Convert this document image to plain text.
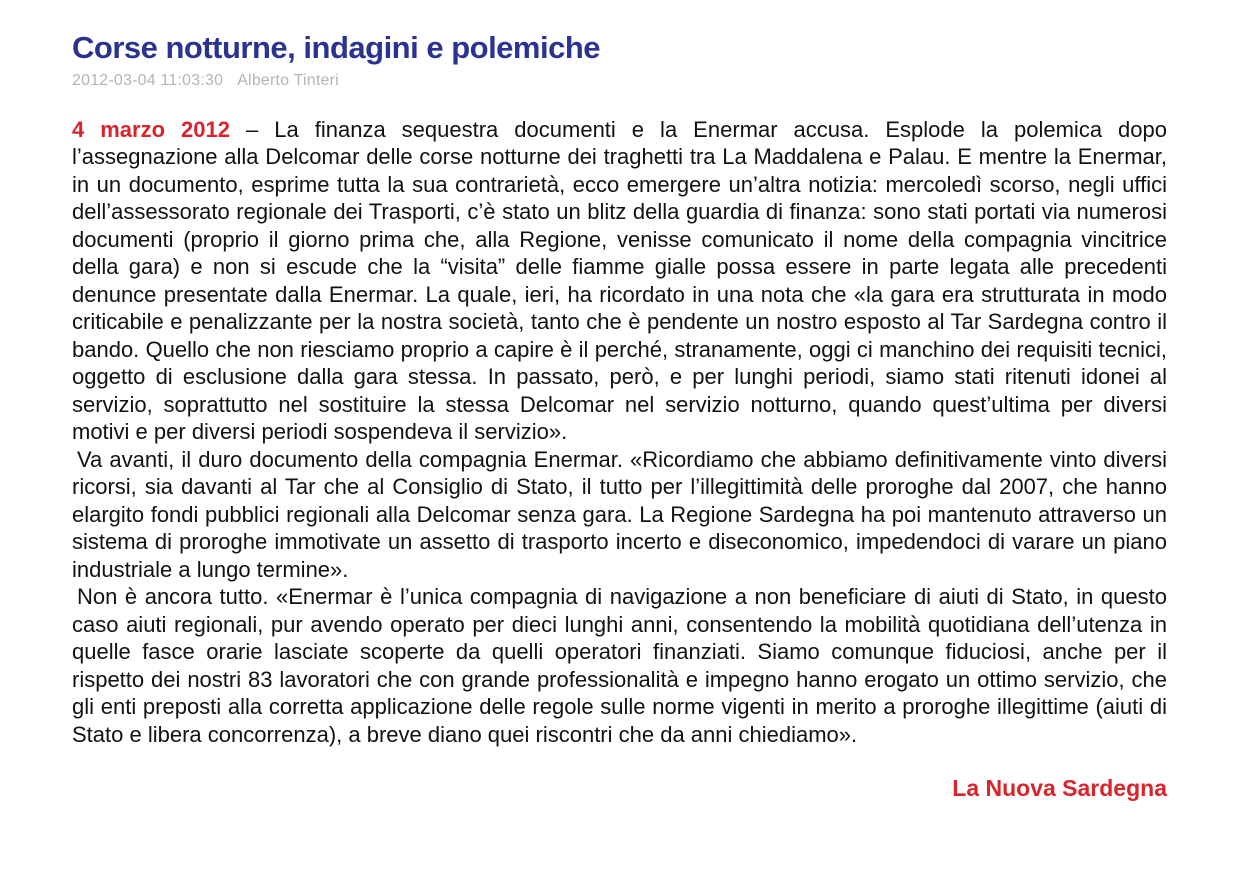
Corse notturne, indagini e polemiche
2012-03-04 11:03:30 Alberto Tinteri

4 marzo 2012 – La finanza sequestra documenti e la Enermar accusa. Esplode la polemica dopo l’assegnazione alla Delcomar delle corse notturne dei traghetti tra La Maddalena e Palau. E mentre la Enermar, in un documento, esprime tutta la sua contrarietà, ecco emergere un’altra notizia: mercoledì scorso, negli uffici dell’assessorato regionale dei Trasporti, c’è stato un blitz della guardia di finanza: sono stati portati via numerosi documenti (proprio il giorno prima che, alla Regione, venisse comunicato il nome della compagnia vincitrice della gara) e non si escude che la “visita” delle fiamme gialle possa essere in parte legata alle precedenti denunce presentate dalla Enermar. La quale, ieri, ha ricordato in una nota che «la gara era strutturata in modo criticabile e penalizzante per la nostra società, tanto che è pendente un nostro esposto al Tar Sardegna contro il bando. Quello che non riesciamo proprio a capire è il perché, stranamente, oggi ci manchino dei requisiti tecnici, oggetto di esclusione dalla gara stessa. In passato, però, e per lunghi periodi, siamo stati ritenuti idonei al servizio, soprattutto nel sostituire la stessa Delcomar nel servizio notturno, quando quest’ultima per diversi motivi e per diversi periodi sospendeva il servizio».

Va avanti, il duro documento della compagnia Enermar. «Ricordiamo che abbiamo definitivamente vinto diversi ricorsi, sia davanti al Tar che al Consiglio di Stato, il tutto per l’illegittimità delle proroghe dal 2007, che hanno elargito fondi pubblici regionali alla Delcomar senza gara. La Regione Sardegna ha poi mantenuto attraverso un sistema di proroghe immotivate un assetto di trasporto incerto e diseconomico, impedendoci di varare un piano industriale a lungo termine».

Non è ancora tutto. «Enermar è l’unica compagnia di navigazione a non beneficiare di aiuti di Stato, in questo caso aiuti regionali, pur avendo operato per dieci lunghi anni, consentendo la mobilità quotidiana dell’utenza in quelle fasce orarie lasciate scoperte da quelli operatori finanziati. Siamo comunque fiduciosi, anche per il rispetto dei nostri 83 lavoratori che con grande professionalità e impegno hanno erogato un ottimo servizio, che gli enti preposti alla corretta applicazione delle regole sulle norme vigenti in merito a proroghe illegittime (aiuti di Stato e libera concorrenza), a breve diano quei riscontri che da anni chiediamo».

La Nuova Sardegna
